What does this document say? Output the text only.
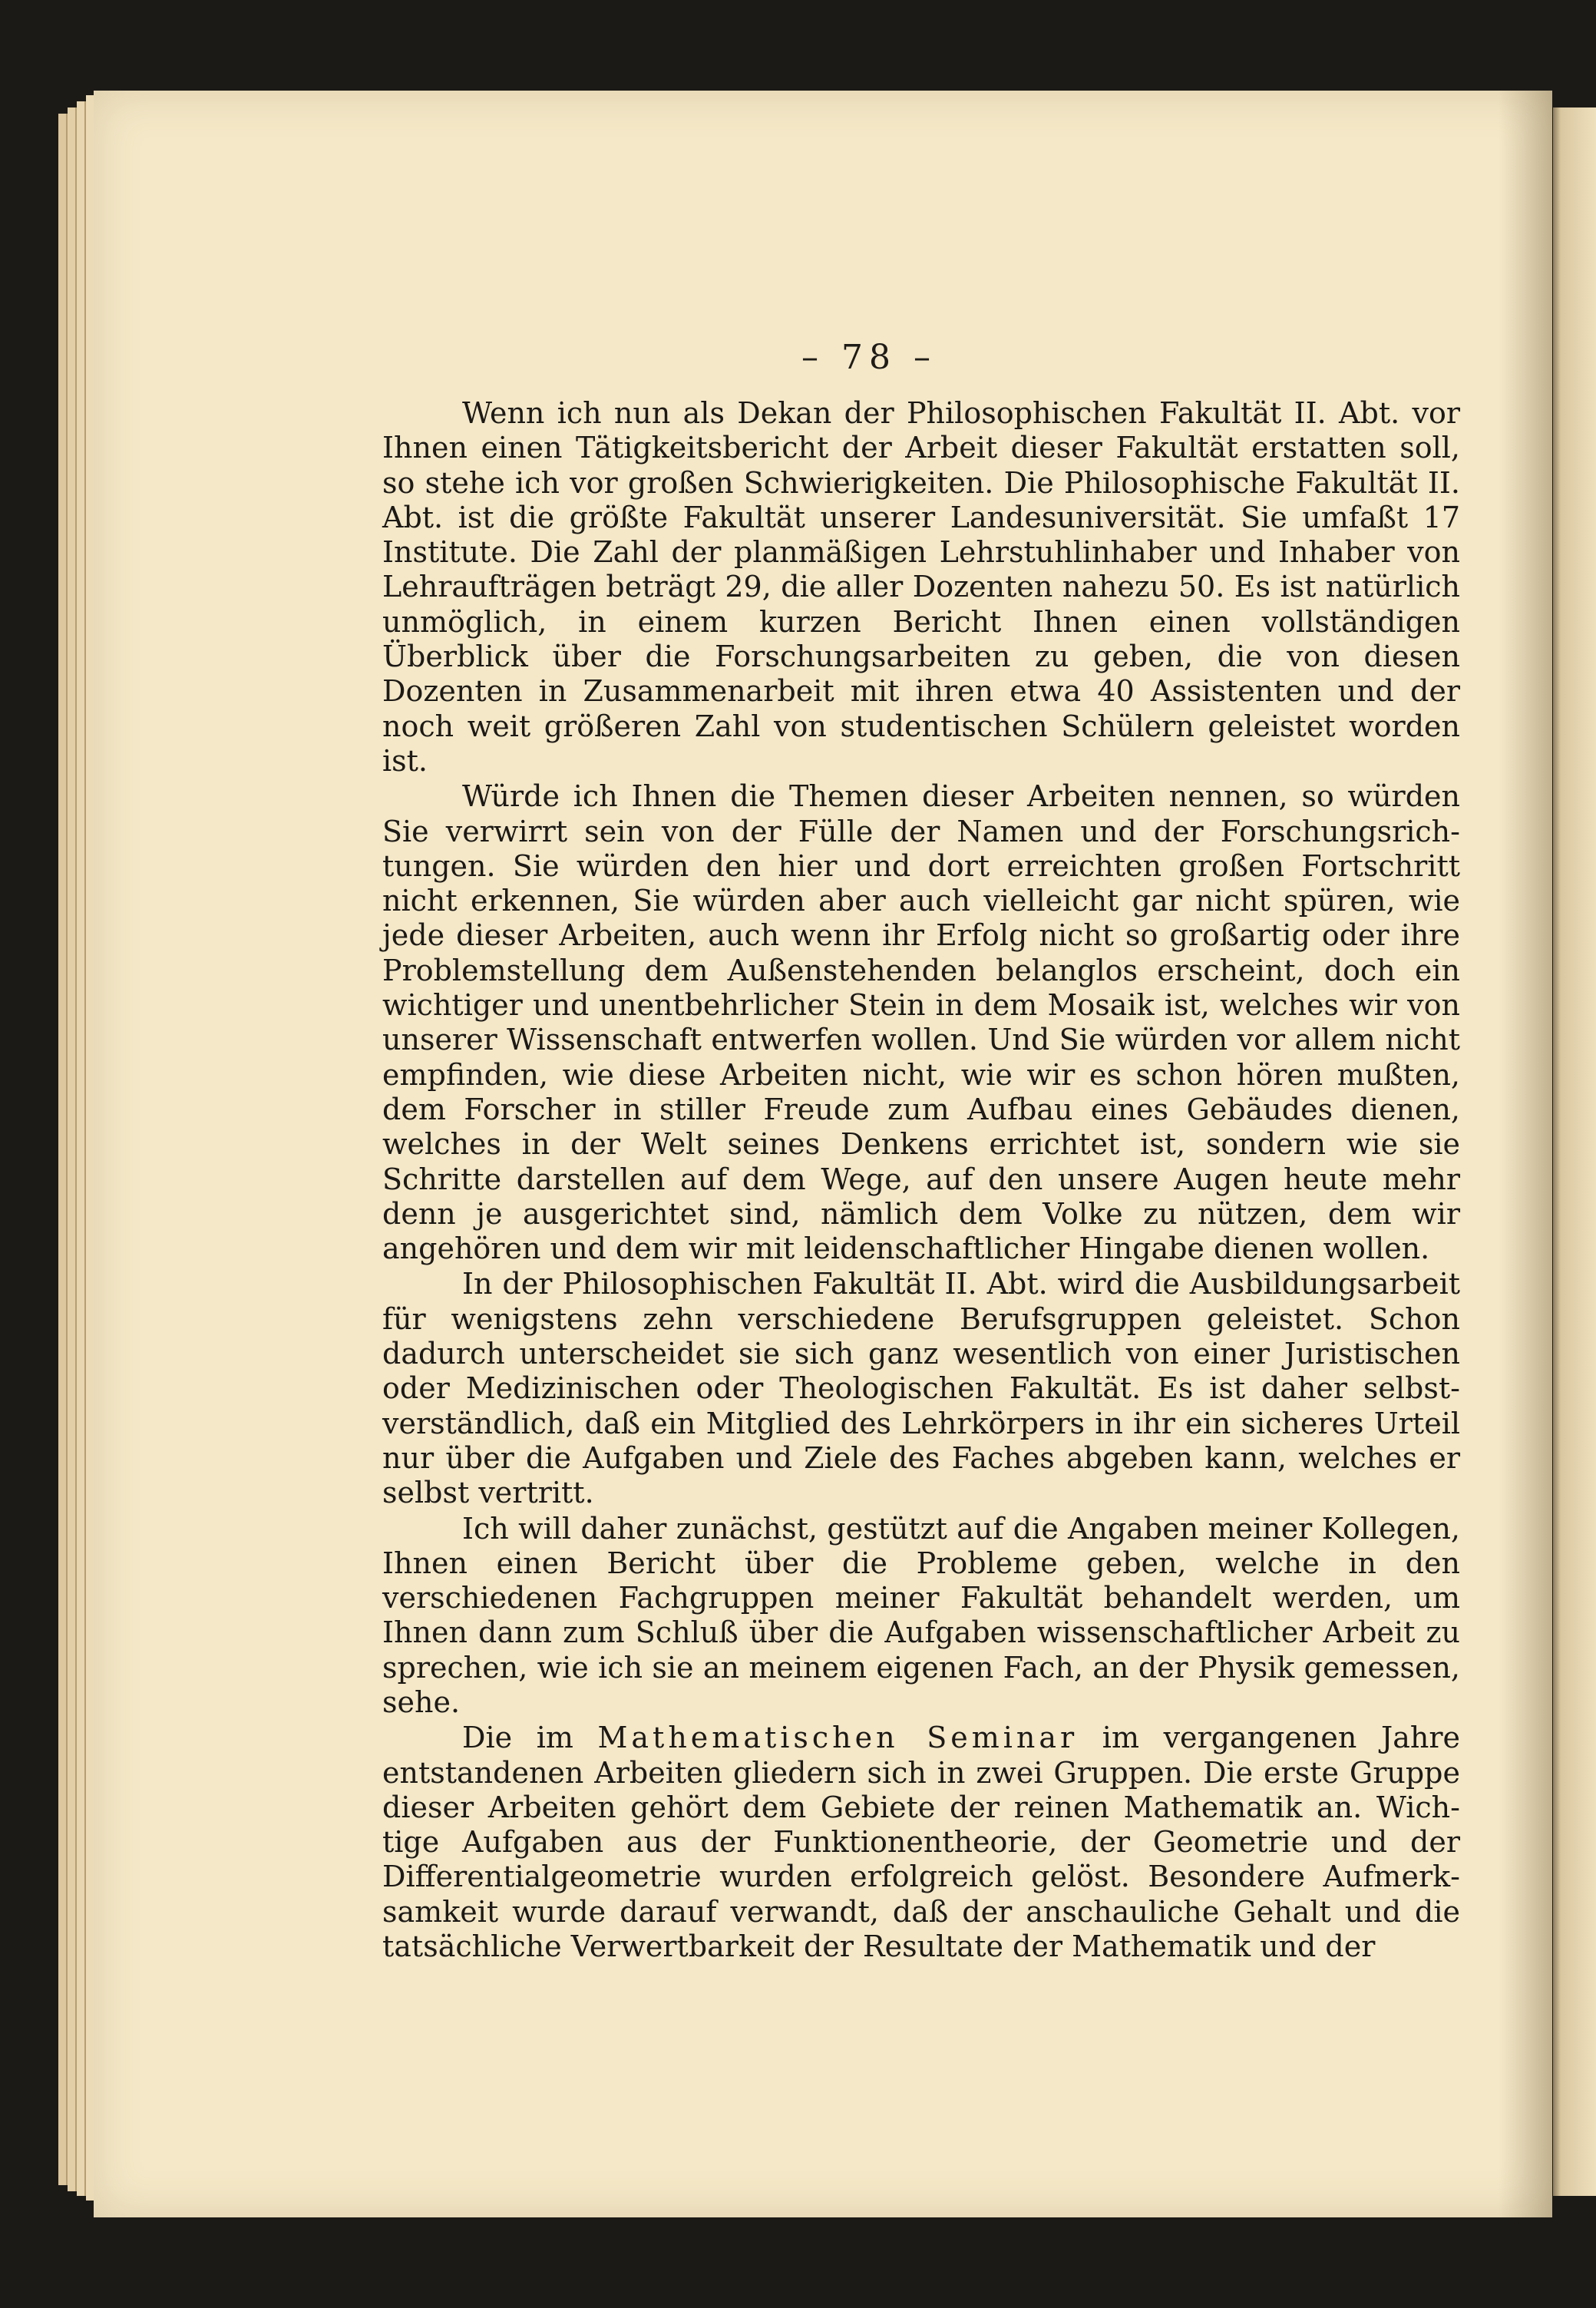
– 78 –

Wenn ich nun als Dekan der Philosophischen Fakultät II. Abt. vor Ihnen einen Tätigkeitsbericht der Arbeit dieser Fakultät erstatten soll, so stehe ich vor großen Schwierigkeiten. Die Philosophische Fakultät II. Abt. ist die größte Fakultät unserer Landesuniversität. Sie umfaßt 17 Institute. Die Zahl der planmäßigen Lehrstuhlinhaber und Inhaber von Lehraufträgen beträgt 29, die aller Dozenten nahezu 50. Es ist natürlich unmöglich, in einem kurzen Bericht Ihnen einen vollständigen Überblick über die Forschungsarbeiten zu geben, die von diesen Dozenten in Zusammenarbeit mit ihren etwa 40 Assistenten und der noch weit größeren Zahl von studentischen Schülern geleistet worden ist.

Würde ich Ihnen die Themen dieser Arbeiten nennen, so würden Sie verwirrt sein von der Fülle der Namen und der Forschungsrichtungen. Sie würden den hier und dort erreichten großen Fortschritt nicht erkennen, Sie würden aber auch vielleicht gar nicht spüren, wie jede dieser Arbeiten, auch wenn ihr Erfolg nicht so großartig oder ihre Problemstellung dem Außenstehenden belanglos erscheint, doch ein wichtiger und unentbehrlicher Stein in dem Mosaik ist, welches wir von unserer Wissenschaft entwerfen wollen. Und Sie würden vor allem nicht empfinden, wie diese Arbeiten nicht, wie wir es schon hören mußten, dem Forscher in stiller Freude zum Aufbau eines Gebäudes dienen, welches in der Welt seines Denkens errichtet ist, sondern wie sie Schritte darstellen auf dem Wege, auf den unsere Augen heute mehr denn je ausgerichtet sind, nämlich dem Volke zu nützen, dem wir angehören und dem wir mit leidenschaftlicher Hingabe dienen wollen.

In der Philosophischen Fakultät II. Abt. wird die Ausbildungsarbeit für wenigstens zehn verschiedene Berufsgruppen geleistet. Schon dadurch unterscheidet sie sich ganz wesentlich von einer Juristischen oder Medizinischen oder Theologischen Fakultät. Es ist daher selbstverständlich, daß ein Mitglied des Lehrkörpers in ihr ein sicheres Urteil nur über die Aufgaben und Ziele des Faches abgeben kann, welches er selbst vertritt.

Ich will daher zunächst, gestützt auf die Angaben meiner Kollegen, Ihnen einen Bericht über die Probleme geben, welche in den verschiedenen Fachgruppen meiner Fakultät behandelt werden, um Ihnen dann zum Schluß über die Aufgaben wissenschaftlicher Arbeit zu sprechen, wie ich sie an meinem eigenen Fach, an der Physik gemessen, sehe.

Die im Mathematischen Seminar im vergangenen Jahre entstandenen Arbeiten gliedern sich in zwei Gruppen. Die erste Gruppe dieser Arbeiten gehört dem Gebiete der reinen Mathematik an. Wichtige Aufgaben aus der Funktionentheorie, der Geometrie und der Differentialgeometrie wurden erfolgreich gelöst. Besondere Aufmerksamkeit wurde darauf verwandt, daß der anschauliche Gehalt und die tatsächliche Verwertbarkeit der Resultate der Mathematik und der
